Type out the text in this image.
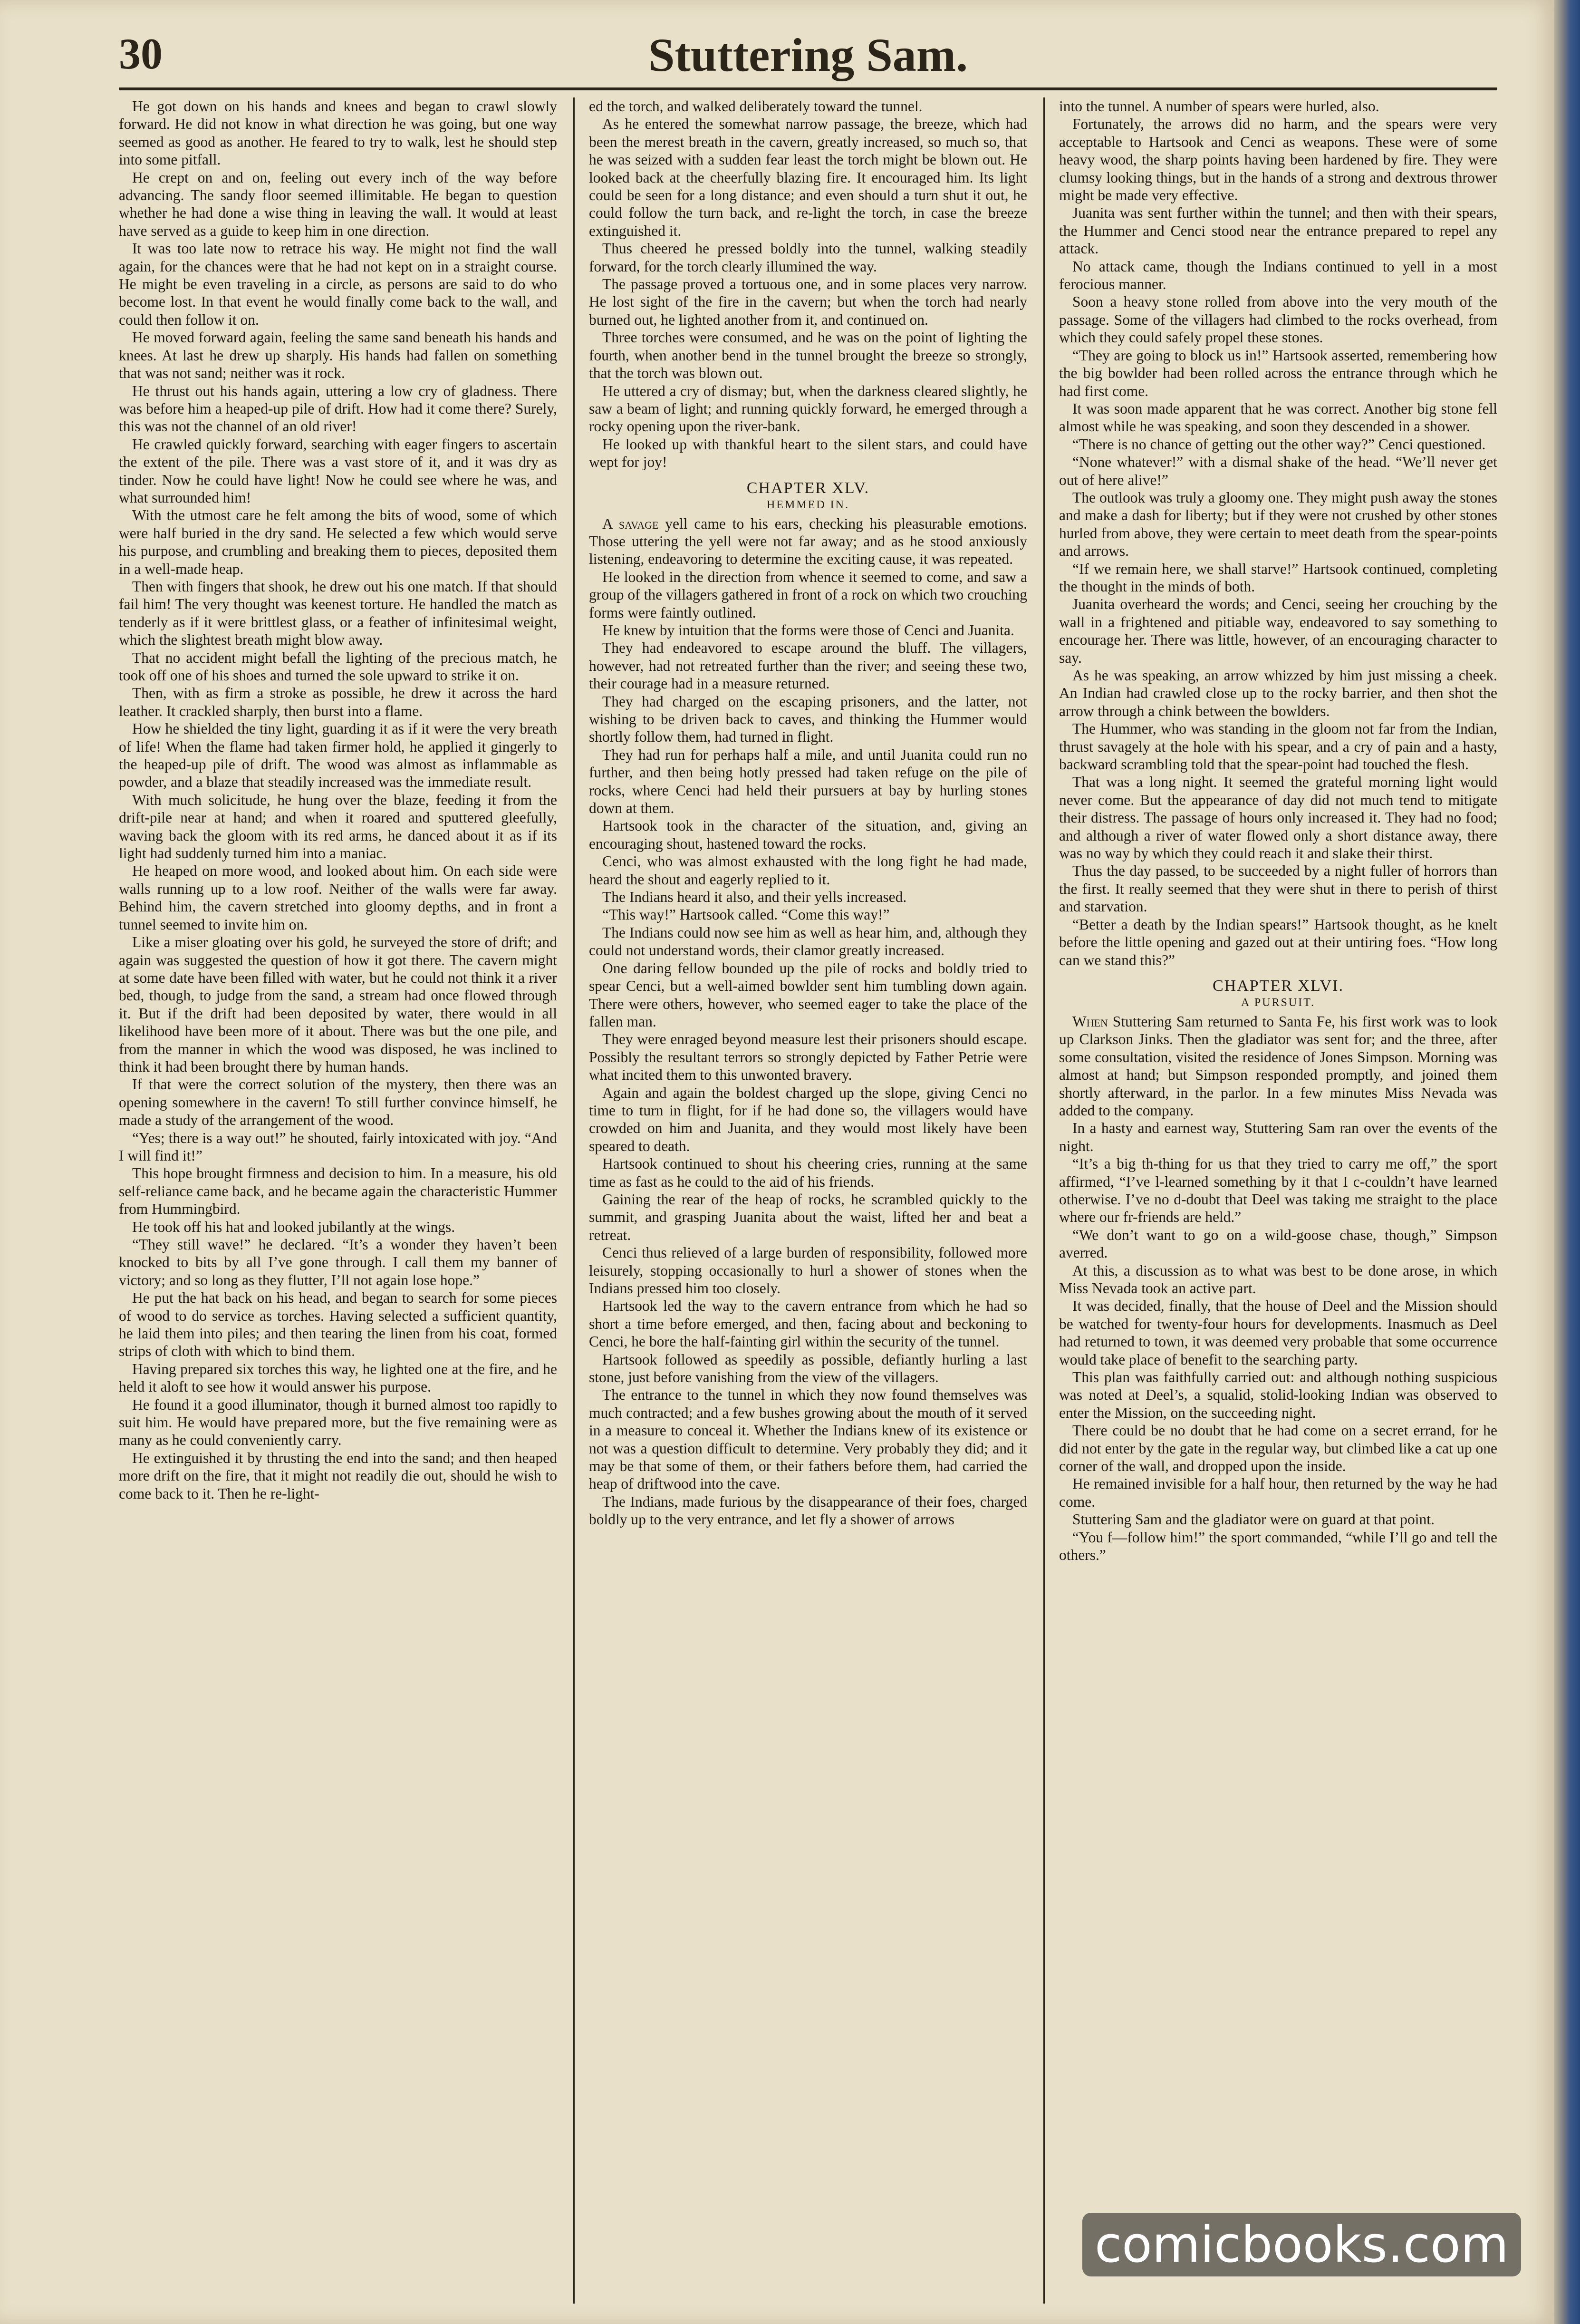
30	Stuttering Sam.

He got down on his hands and knees and began to crawl slowly forward. He did not know in what direction he was going, but one way seemed as good as another. He feared to try to walk, lest he should step into some pitfall.

He crept on and on, feeling out every inch of the way before advancing. The sandy floor seemed illimitable. He began to question whether he had done a wise thing in leaving the wall. It would at least have served as a guide to keep him in one direction.

It was too late now to retrace his way. He might not find the wall again, for the chances were that he had not kept on in a straight course. He might be even traveling in a circle, as persons are said to do who become lost. In that event he would finally come back to the wall, and could then follow it on.

He moved forward again, feeling the same sand beneath his hands and knees. At last he drew up sharply. His hands had fallen on something that was not sand; neither was it rock.

He thrust out his hands again, uttering a low cry of gladness. There was before him a heaped-up pile of drift. How had it come there? Surely, this was not the channel of an old river!

He crawled quickly forward, searching with eager fingers to ascertain the extent of the pile. There was a vast store of it, and it was dry as tinder. Now he could have light! Now he could see where he was, and what surrounded him!

With the utmost care he felt among the bits of wood, some of which were half buried in the dry sand. He selected a few which would serve his purpose, and crumbling and breaking them to pieces, deposited them in a well-made heap.

Then with fingers that shook, he drew out his one match. If that should fail him! The very thought was keenest torture. He handled the match as tenderly as if it were brittlest glass, or a feather of infinitesimal weight, which the slightest breath might blow away.

That no accident might befall the lighting of the precious match, he took off one of his shoes and turned the sole upward to strike it on.

Then, with as firm a stroke as possible, he drew it across the hard leather. It crackled sharply, then burst into a flame.

How he shielded the tiny light, guarding it as if it were the very breath of life! When the flame had taken firmer hold, he applied it gingerly to the heaped-up pile of drift. The wood was almost as inflammable as powder, and a blaze that steadily increased was the immediate result.

With much solicitude, he hung over the blaze, feeding it from the drift-pile near at hand; and when it roared and sputtered gleefully, waving back the gloom with its red arms, he danced about it as if its light had suddenly turned him into a maniac.

He heaped on more wood, and looked about him. On each side were walls running up to a low roof. Neither of the walls were far away. Behind him, the cavern stretched into gloomy depths, and in front a tunnel seemed to invite him on.

Like a miser gloating over his gold, he surveyed the store of drift; and again was suggested the question of how it got there. The cavern might at some date have been filled with water, but he could not think it a river bed, though, to judge from the sand, a stream had once flowed through it. But if the drift had been deposited by water, there would in all likelihood have been more of it about. There was but the one pile, and from the manner in which the wood was disposed, he was inclined to think it had been brought there by human hands.

If that were the correct solution of the mystery, then there was an opening somewhere in the cavern! To still further convince himself, he made a study of the arrangement of the wood.

“Yes; there is a way out!” he shouted, fairly intoxicated with joy. “And I will find it!”

This hope brought firmness and decision to him. In a measure, his old self-reliance came back, and he became again the characteristic Hummer from Hummingbird.

He took off his hat and looked jubilantly at the wings.

“They still wave!” he declared. “It’s a wonder they haven’t been knocked to bits by all I’ve gone through. I call them my banner of victory; and so long as they flutter, I’ll not again lose hope.”

He put the hat back on his head, and began to search for some pieces of wood to do service as torches. Having selected a sufficient quantity, he laid them into piles; and then tearing the linen from his coat, formed strips of cloth with which to bind them.

Having prepared six torches this way, he lighted one at the fire, and he held it aloft to see how it would answer his purpose.

He found it a good illuminator, though it burned almost too rapidly to suit him. He would have prepared more, but the five remaining were as many as he could conveniently carry.

He extinguished it by thrusting the end into the sand; and then heaped more drift on the fire, that it might not readily die out, should he wish to come back to it. Then he re-light-

ed the torch, and walked deliberately toward the tunnel.

As he entered the somewhat narrow passage, the breeze, which had been the merest breath in the cavern, greatly increased, so much so, that he was seized with a sudden fear least the torch might be blown out. He looked back at the cheerfully blazing fire. It encouraged him. Its light could be seen for a long distance; and even should a turn shut it out, he could follow the turn back, and re-light the torch, in case the breeze extinguished it.

Thus cheered he pressed boldly into the tunnel, walking steadily forward, for the torch clearly illumined the way.

The passage proved a tortuous one, and in some places very narrow. He lost sight of the fire in the cavern; but when the torch had nearly burned out, he lighted another from it, and continued on.

Three torches were consumed, and he was on the point of lighting the fourth, when another bend in the tunnel brought the breeze so strongly, that the torch was blown out.

He uttered a cry of dismay; but, when the darkness cleared slightly, he saw a beam of light; and running quickly forward, he emerged through a rocky opening upon the river-bank.

He looked up with thankful heart to the silent stars, and could have wept for joy!

CHAPTER XLV.
HEMMED IN.

A savage yell came to his ears, checking his pleasurable emotions. Those uttering the yell were not far away; and as he stood anxiously listening, endeavoring to determine the exciting cause, it was repeated.

He looked in the direction from whence it seemed to come, and saw a group of the villagers gathered in front of a rock on which two crouching forms were faintly outlined.

He knew by intuition that the forms were those of Cenci and Juanita.

They had endeavored to escape around the bluff. The villagers, however, had not retreated further than the river; and seeing these two, their courage had in a measure returned.

They had charged on the escaping prisoners, and the latter, not wishing to be driven back to caves, and thinking the Hummer would shortly follow them, had turned in flight.

They had run for perhaps half a mile, and until Juanita could run no further, and then being hotly pressed had taken refuge on the pile of rocks, where Cenci had held their pursuers at bay by hurling stones down at them.

Hartsook took in the character of the situation, and, giving an encouraging shout, hastened toward the rocks.

Cenci, who was almost exhausted with the long fight he had made, heard the shout and eagerly replied to it.

The Indians heard it also, and their yells increased.

“This way!” Hartsook called. “Come this way!”

The Indians could now see him as well as hear him, and, although they could not understand words, their clamor greatly increased.

One daring fellow bounded up the pile of rocks and boldly tried to spear Cenci, but a well-aimed bowlder sent him tumbling down again. There were others, however, who seemed eager to take the place of the fallen man.

They were enraged beyond measure lest their prisoners should escape. Possibly the resultant terrors so strongly depicted by Father Petrie were what incited them to this unwonted bravery.

Again and again the boldest charged up the slope, giving Cenci no time to turn in flight, for if he had done so, the villagers would have crowded on him and Juanita, and they would most likely have been speared to death.

Hartsook continued to shout his cheering cries, running at the same time as fast as he could to the aid of his friends.

Gaining the rear of the heap of rocks, he scrambled quickly to the summit, and grasping Juanita about the waist, lifted her and beat a retreat.

Cenci thus relieved of a large burden of responsibility, followed more leisurely, stopping occasionally to hurl a shower of stones when the Indians pressed him too closely.

Hartsook led the way to the cavern entrance from which he had so short a time before emerged, and then, facing about and beckoning to Cenci, he bore the half-fainting girl within the security of the tunnel.

Hartsook followed as speedily as possible, defiantly hurling a last stone, just before vanishing from the view of the villagers.

The entrance to the tunnel in which they now found themselves was much contracted; and a few bushes growing about the mouth of it served in a measure to conceal it. Whether the Indians knew of its existence or not was a question difficult to determine. Very probably they did; and it may be that some of them, or their fathers before them, had carried the heap of driftwood into the cave.

The Indians, made furious by the disappearance of their foes, charged boldly up to the very entrance, and let fly a shower of arrows

into the tunnel. A number of spears were hurled, also.

Fortunately, the arrows did no harm, and the spears were very acceptable to Hartsook and Cenci as weapons. These were of some heavy wood, the sharp points having been hardened by fire. They were clumsy looking things, but in the hands of a strong and dextrous thrower might be made very effective.

Juanita was sent further within the tunnel; and then with their spears, the Hummer and Cenci stood near the entrance prepared to repel any attack.

No attack came, though the Indians continued to yell in a most ferocious manner.

Soon a heavy stone rolled from above into the very mouth of the passage. Some of the villagers had climbed to the rocks overhead, from which they could safely propel these stones.

“They are going to block us in!” Hartsook asserted, remembering how the big bowlder had been rolled across the entrance through which he had first come.

It was soon made apparent that he was correct. Another big stone fell almost while he was speaking, and soon they descended in a shower.

“There is no chance of getting out the other way?” Cenci questioned.

“None whatever!” with a dismal shake of the head. “We’ll never get out of here alive!”

The outlook was truly a gloomy one. They might push away the stones and make a dash for liberty; but if they were not crushed by other stones hurled from above, they were certain to meet death from the spear-points and arrows.

“If we remain here, we shall starve!” Hartsook continued, completing the thought in the minds of both.

Juanita overheard the words; and Cenci, seeing her crouching by the wall in a frightened and pitiable way, endeavored to say something to encourage her. There was little, however, of an encouraging character to say.

As he was speaking, an arrow whizzed by him just missing a cheek. An Indian had crawled close up to the rocky barrier, and then shot the arrow through a chink between the bowlders.

The Hummer, who was standing in the gloom not far from the Indian, thrust savagely at the hole with his spear, and a cry of pain and a hasty, backward scrambling told that the spear-point had touched the flesh.

That was a long night. It seemed the grateful morning light would never come. But the appearance of day did not much tend to mitigate their distress. The passage of hours only increased it. They had no food; and although a river of water flowed only a short distance away, there was no way by which they could reach it and slake their thirst.

Thus the day passed, to be succeeded by a night fuller of horrors than the first. It really seemed that they were shut in there to perish of thirst and starvation.

“Better a death by the Indian spears!” Hartsook thought, as he knelt before the little opening and gazed out at their untiring foes. “How long can we stand this?”

CHAPTER XLVI.
A PURSUIT.

When Stuttering Sam returned to Santa Fe, his first work was to look up Clarkson Jinks. Then the gladiator was sent for; and the three, after some consultation, visited the residence of Jones Simpson. Morning was almost at hand; but Simpson responded promptly, and joined them shortly afterward, in the parlor. In a few minutes Miss Nevada was added to the company.

In a hasty and earnest way, Stuttering Sam ran over the events of the night.

“It’s a big th-thing for us that they tried to carry me off,” the sport affirmed, “I’ve l-learned something by it that I c-couldn’t have learned otherwise. I’ve no d-doubt that Deel was taking me straight to the place where our fr-friends are held.”

“We don’t want to go on a wild-goose chase, though,” Simpson averred.

At this, a discussion as to what was best to be done arose, in which Miss Nevada took an active part.

It was decided, finally, that the house of Deel and the Mission should be watched for twenty-four hours for developments. Inasmuch as Deel had returned to town, it was deemed very probable that some occurrence would take place of benefit to the searching party.

This plan was faithfully carried out: and although nothing suspicious was noted at Deel’s, a squalid, stolid-looking Indian was observed to enter the Mission, on the succeeding night.

There could be no doubt that he had come on a secret errand, for he did not enter by the gate in the regular way, but climbed like a cat up one corner of the wall, and dropped upon the inside.

He remained invisible for a half hour, then returned by the way he had come.

Stuttering Sam and the gladiator were on guard at that point.

“You f—follow him!” the sport commanded, “while I’ll go and tell the others.”

comicbooks.com
